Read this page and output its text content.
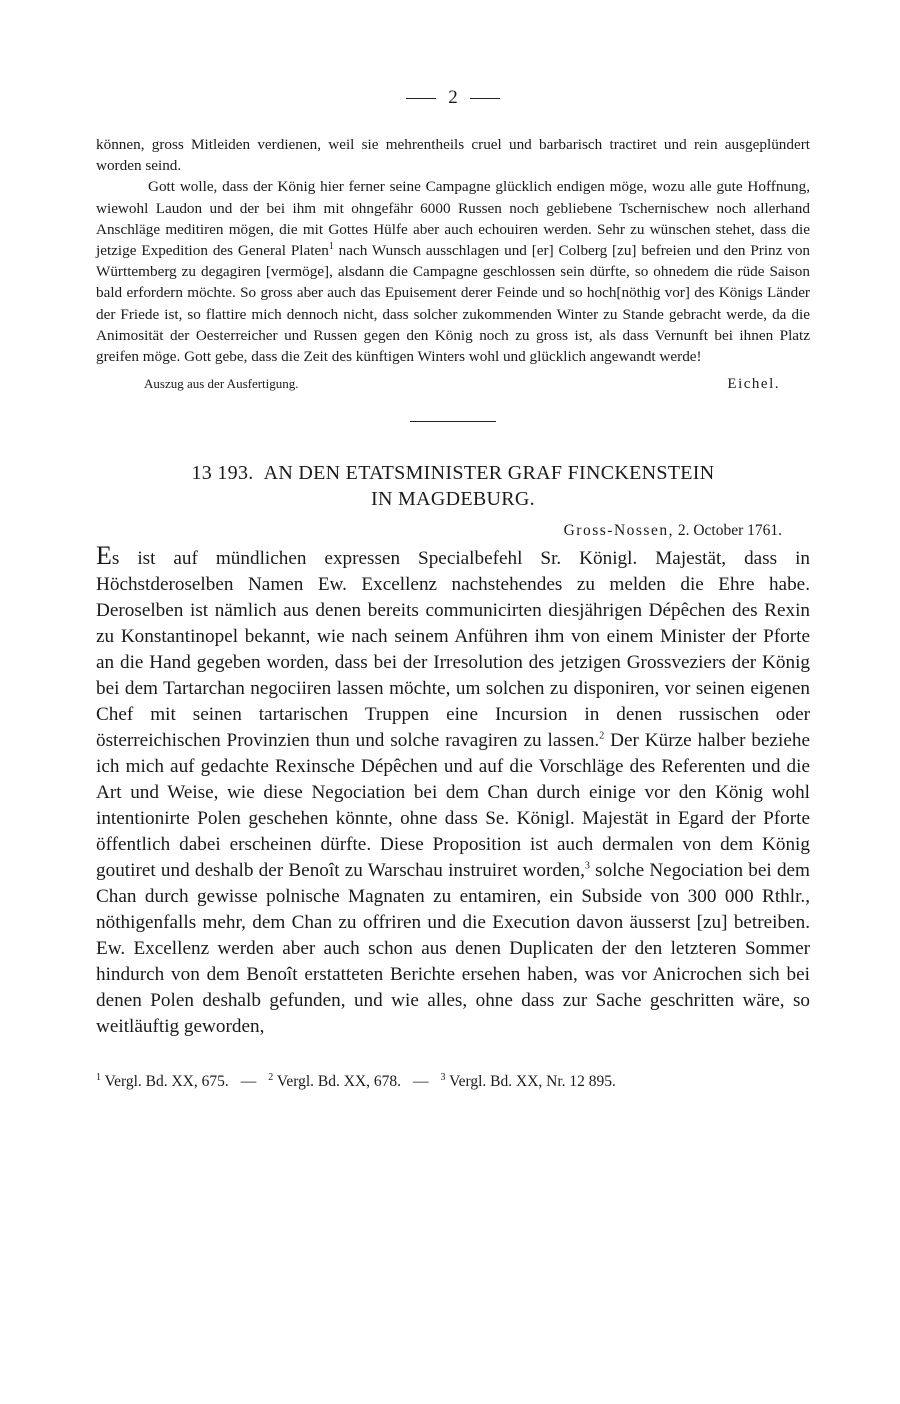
2

können, gross Mitleiden verdienen, weil sie mehrentheils cruel und barbarisch tractiret und rein ausgeplündert worden seind.

Gott wolle, dass der König hier ferner seine Campagne glücklich endigen möge, wozu alle gute Hoffnung, wiewohl Laudon und der bei ihm mit ohngefähr 6000 Russen noch gebliebene Tschernischew noch allerhand Anschläge meditiren mögen, die mit Gottes Hülfe aber auch echouiren werden. Sehr zu wünschen stehet, dass die jetzige Expedition des General Platen$^1$ nach Wunsch ausschlagen und [er] Colberg [zu] befreien und den Prinz von Württemberg zu degagiren [vermöge], alsdann die Campagne geschlossen sein dürfte, so ohnedem die rüde Saison bald erfordern möchte. So gross aber auch das Epuisement derer Feinde und so hoch[nöthig vor] des Königs Länder der Friede ist, so flattire mich dennoch nicht, dass solcher zukommenden Winter zu Stande gebracht werde, da die Animosität der Oesterreicher und Russen gegen den König noch zu gross ist, als dass Vernunft bei ihnen Platz greifen möge. Gott gebe, dass die Zeit des künftigen Winters wohl und glücklich angewandt werde!

Auszug aus der Ausfertigung.	Eichel.
13 193. AN DEN ETATSMINISTER GRAF FINCKENSTEIN
IN MAGDEBURG.
Gross-Nossen, 2. October 1761.
Es ist auf mündlichen expressen Specialbefehl Sr. Königl. Majestät, dass in Höchstderoselben Namen Ew. Excellenz nachstehendes zu melden die Ehre habe. Deroselben ist nämlich aus denen bereits communicirten diesjährigen Dépêchen des Rexin zu Konstantinopel bekannt, wie nach seinem Anführen ihm von einem Minister der Pforte an die Hand gegeben worden, dass bei der Irresolution des jetzigen Grossveziers der König bei dem Tartarchan negociiren lassen möchte, um solchen zu disponiren, vor seinen eigenen Chef mit seinen tartarischen Truppen eine Incursion in denen russischen oder österreichischen Provinzien thun und solche ravagiren zu lassen.$^2$ Der Kürze halber beziehe ich mich auf gedachte Rexinsche Dépêchen und auf die Vorschläge des Referenten und die Art und Weise, wie diese Negociation bei dem Chan durch einige vor den König wohl intentionirte Polen geschehen könnte, ohne dass Se. Königl. Majestät in Egard der Pforte öffentlich dabei erscheinen dürfte. Diese Proposition ist auch dermalen von dem König goutiret und deshalb der Benoît zu Warschau instruiret worden,$^3$ solche Negociation bei dem Chan durch gewisse polnische Magnaten zu entamiren, ein Subside von 300 000 Rthlr., nöthigenfalls mehr, dem Chan zu offriren und die Execution davon äusserst [zu] betreiben. Ew. Excellenz werden aber auch schon aus denen Duplicaten der den letzteren Sommer hindurch von dem Benoît erstatteten Berichte ersehen haben, was vor Anicrochen sich bei denen Polen deshalb gefunden, und wie alles, ohne dass zur Sache geschritten wäre, so weitläuftig geworden,
$^1$ Vergl. Bd. XX, 675. — $^2$ Vergl. Bd. XX, 678. — $^3$ Vergl. Bd. XX, Nr. 12 895.
